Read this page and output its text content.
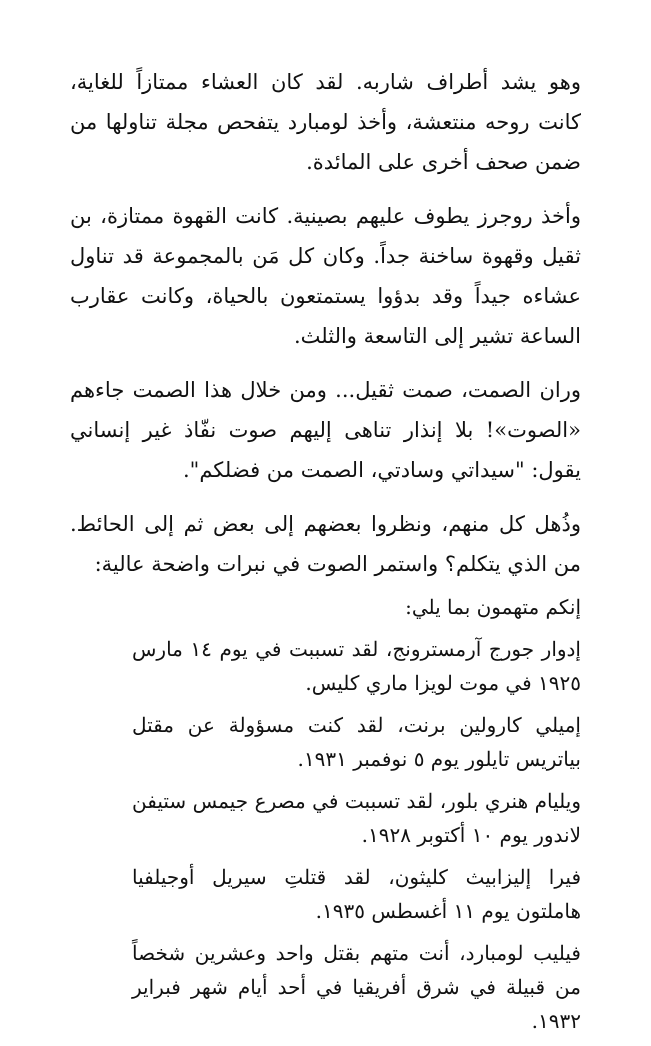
وهو يشد أطراف شاربه. لقد كان العشاء ممتازاً للغاية، كانت روحه منتعشة، وأخذ لومبارد يتفحص مجلة تناولها من ضمن صحف أخرى على المائدة.

وأخذ روجرز يطوف عليهم بصينية. كانت القهوة ممتازة، بن ثقيل وقهوة ساخنة جداً. وكان كل مَن بالمجموعة قد تناول عشاءه جيداً وقد بدؤوا يستمتعون بالحياة، وكانت عقارب الساعة تشير إلى التاسعة والثلث.

وران الصمت، صمت ثقيل... ومن خلال هذا الصمت جاءهم «الصوت»! بلا إنذار تناهى إليهم صوت نفّاذ غير إنساني يقول: "سيداتي وسادتي، الصمت من فضلكم".

وذُهل كل منهم، ونظروا بعضهم إلى بعض ثم إلى الحائط. من الذي يتكلم؟ واستمر الصوت في نبرات واضحة عالية:

إنكم متهمون بما يلي:

إدوار جورج آرمسترونج، لقد تسببت في يوم ١٤ مارس ١٩٢٥ في موت لويزا ماري كليس.

إميلي كارولين برنت، لقد كنت مسؤولة عن مقتل بياتريس تايلور يوم ٥ نوفمبر ١٩٣١.

ويليام هنري بلور، لقد تسببت في مصرع جيمس ستيفن لاندور يوم ١٠ أكتوبر ١٩٢٨.

فيرا إليزابيث كليثون، لقد قتلتِ سيريل أوجيلفيا هاملتون يوم ١١ أغسطس ١٩٣٥.

فيليب لومبارد، أنت متهم بقتل واحد وعشرين شخصاً من قبيلة في شرق أفريقيا في أحد أيام شهر فبراير ١٩٣٢.
